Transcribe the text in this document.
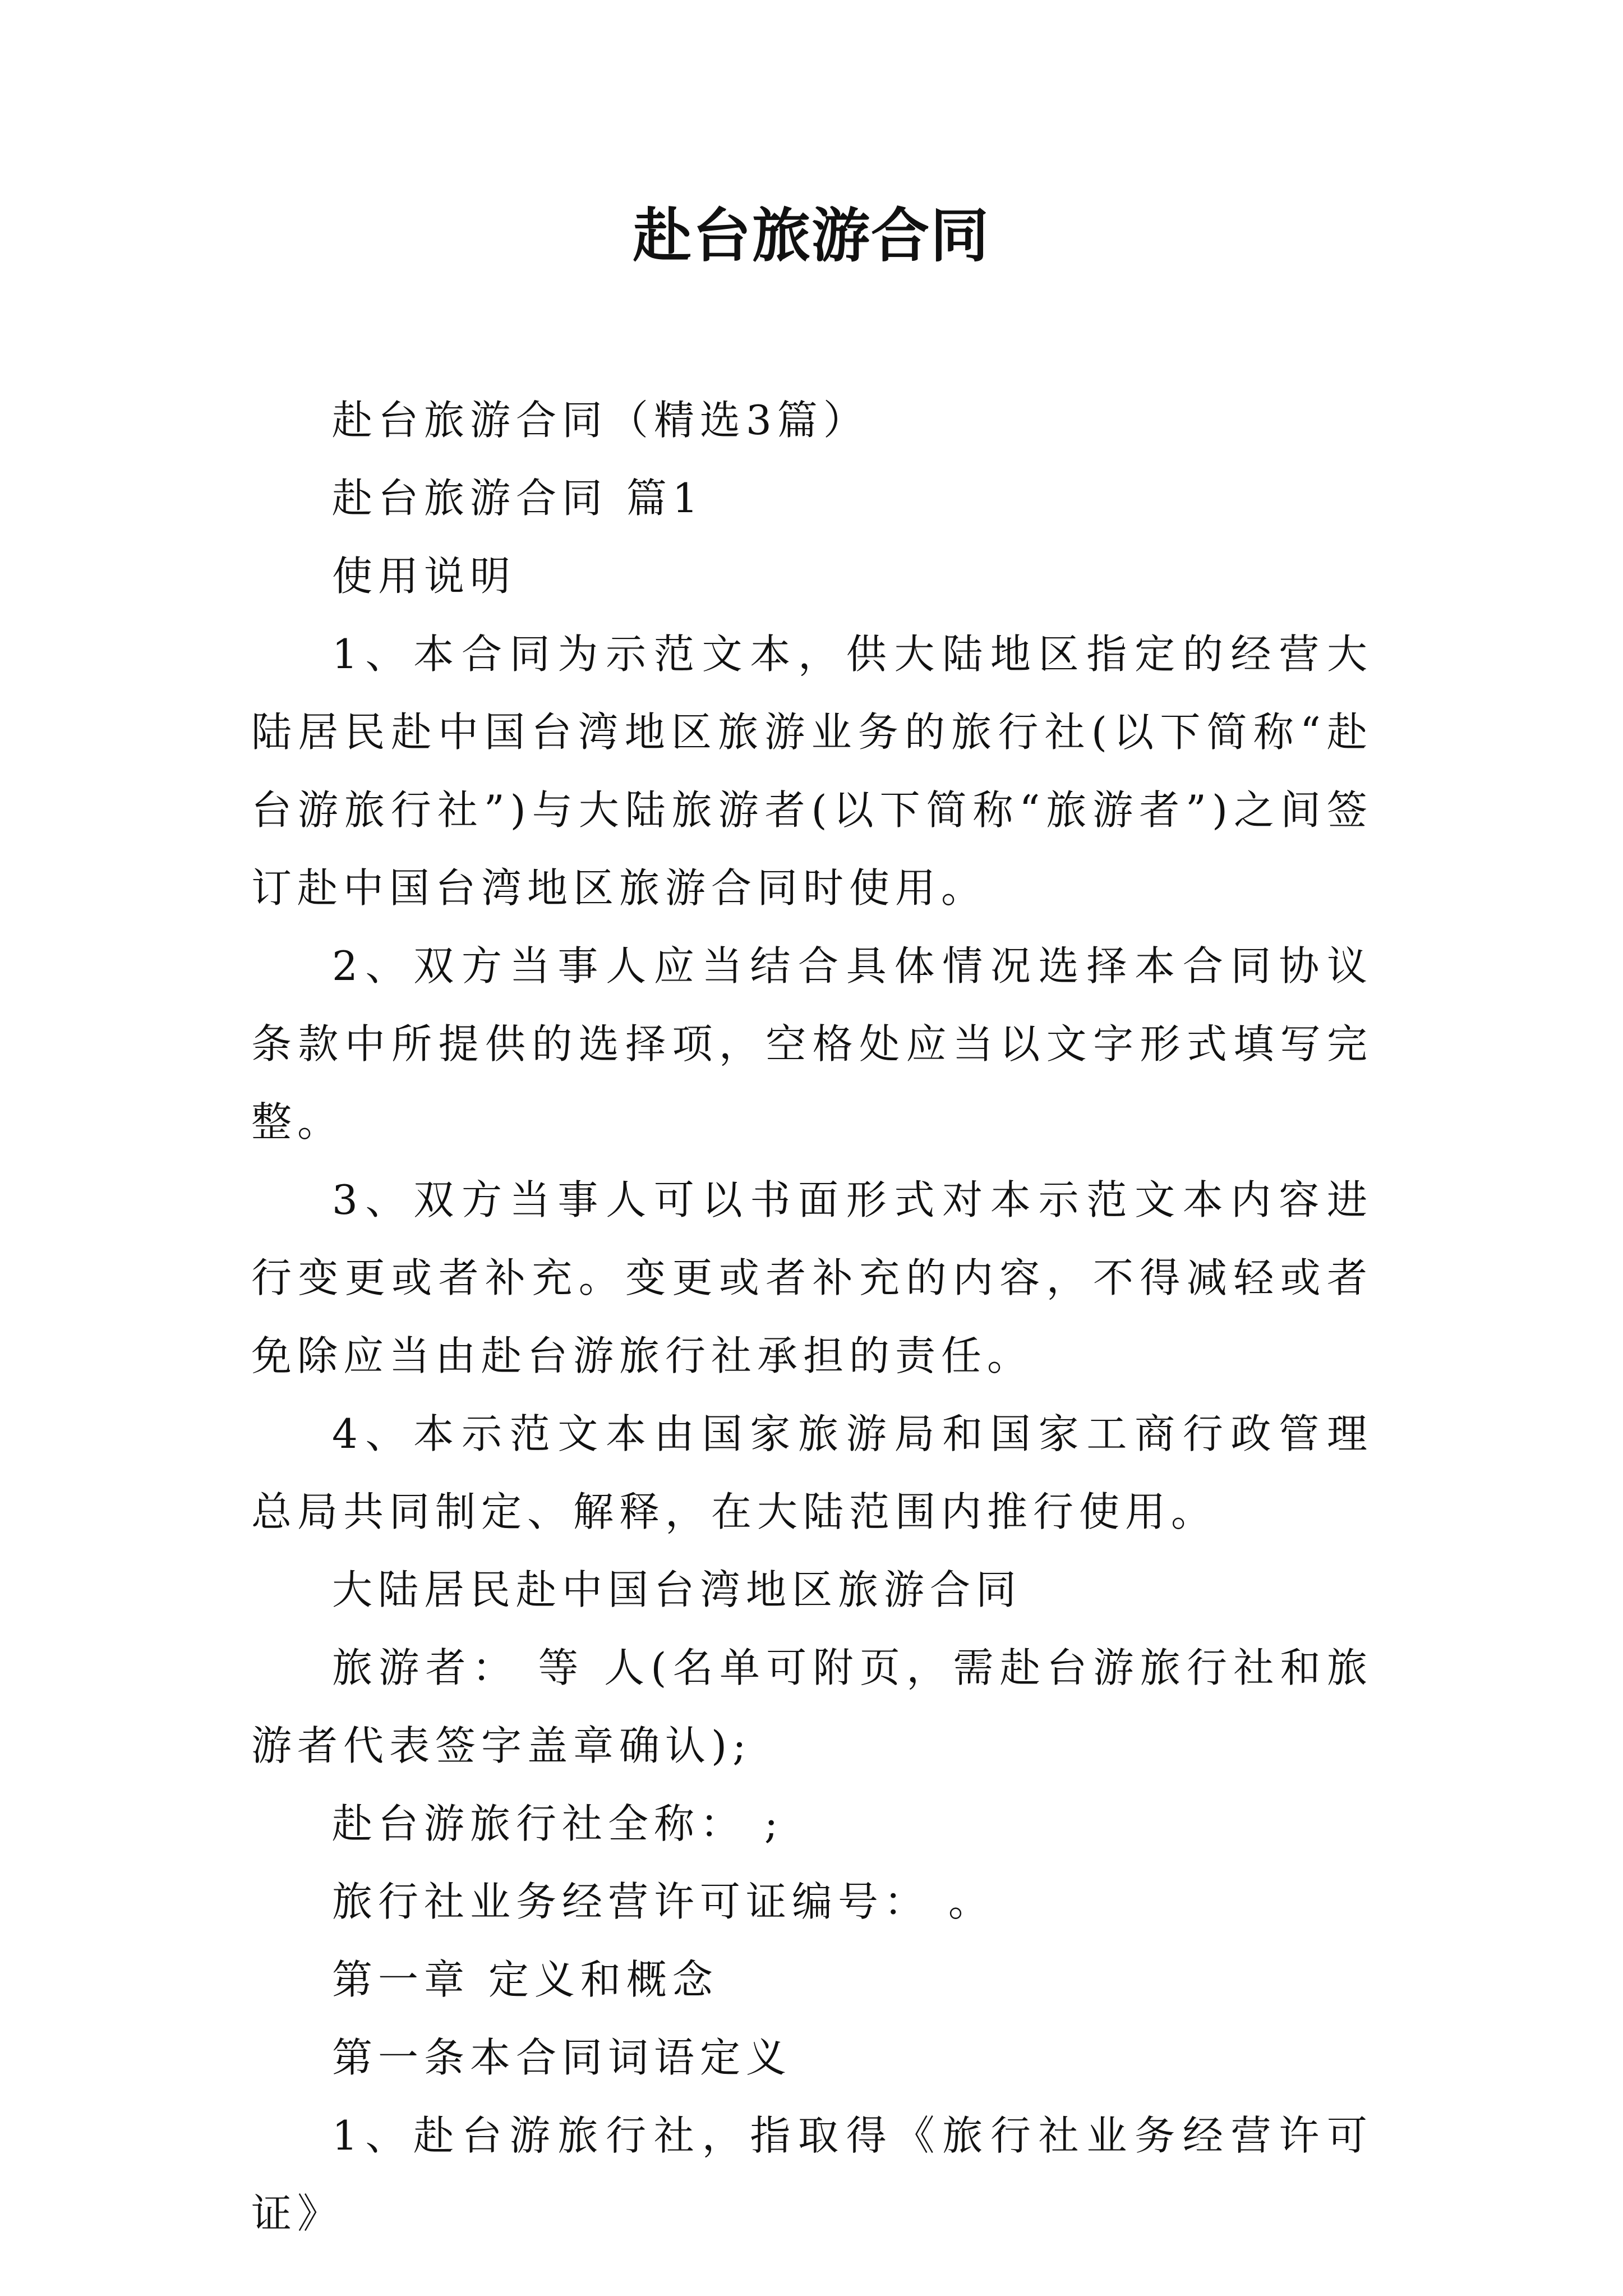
赴台旅游合同

赴台旅游合同（精选3篇）

赴台旅游合同 篇1

使用说明

1、本合同为示范文本，供大陆地区指定的经营大陆居民赴中国台湾地区旅游业务的旅行社(以下简称“赴台游旅行社”)与大陆旅游者(以下简称“旅游者”)之间签订赴中国台湾地区旅游合同时使用。

2、双方当事人应当结合具体情况选择本合同协议条款中所提供的选择项，空格处应当以文字形式填写完整。

3、双方当事人可以书面形式对本示范文本内容进行变更或者补充。变更或者补充的内容，不得减轻或者免除应当由赴台游旅行社承担的责任。

4、本示范文本由国家旅游局和国家工商行政管理总局共同制定、解释，在大陆范围内推行使用。

大陆居民赴中国台湾地区旅游合同

旅游者： 等 人(名单可附页，需赴台游旅行社和旅游者代表签字盖章确认);

赴台游旅行社全称： ;

旅行社业务经营许可证编号： 。

第一章 定义和概念

第一条本合同词语定义

1、赴台游旅行社，指取得《旅行社业务经营许可证》
